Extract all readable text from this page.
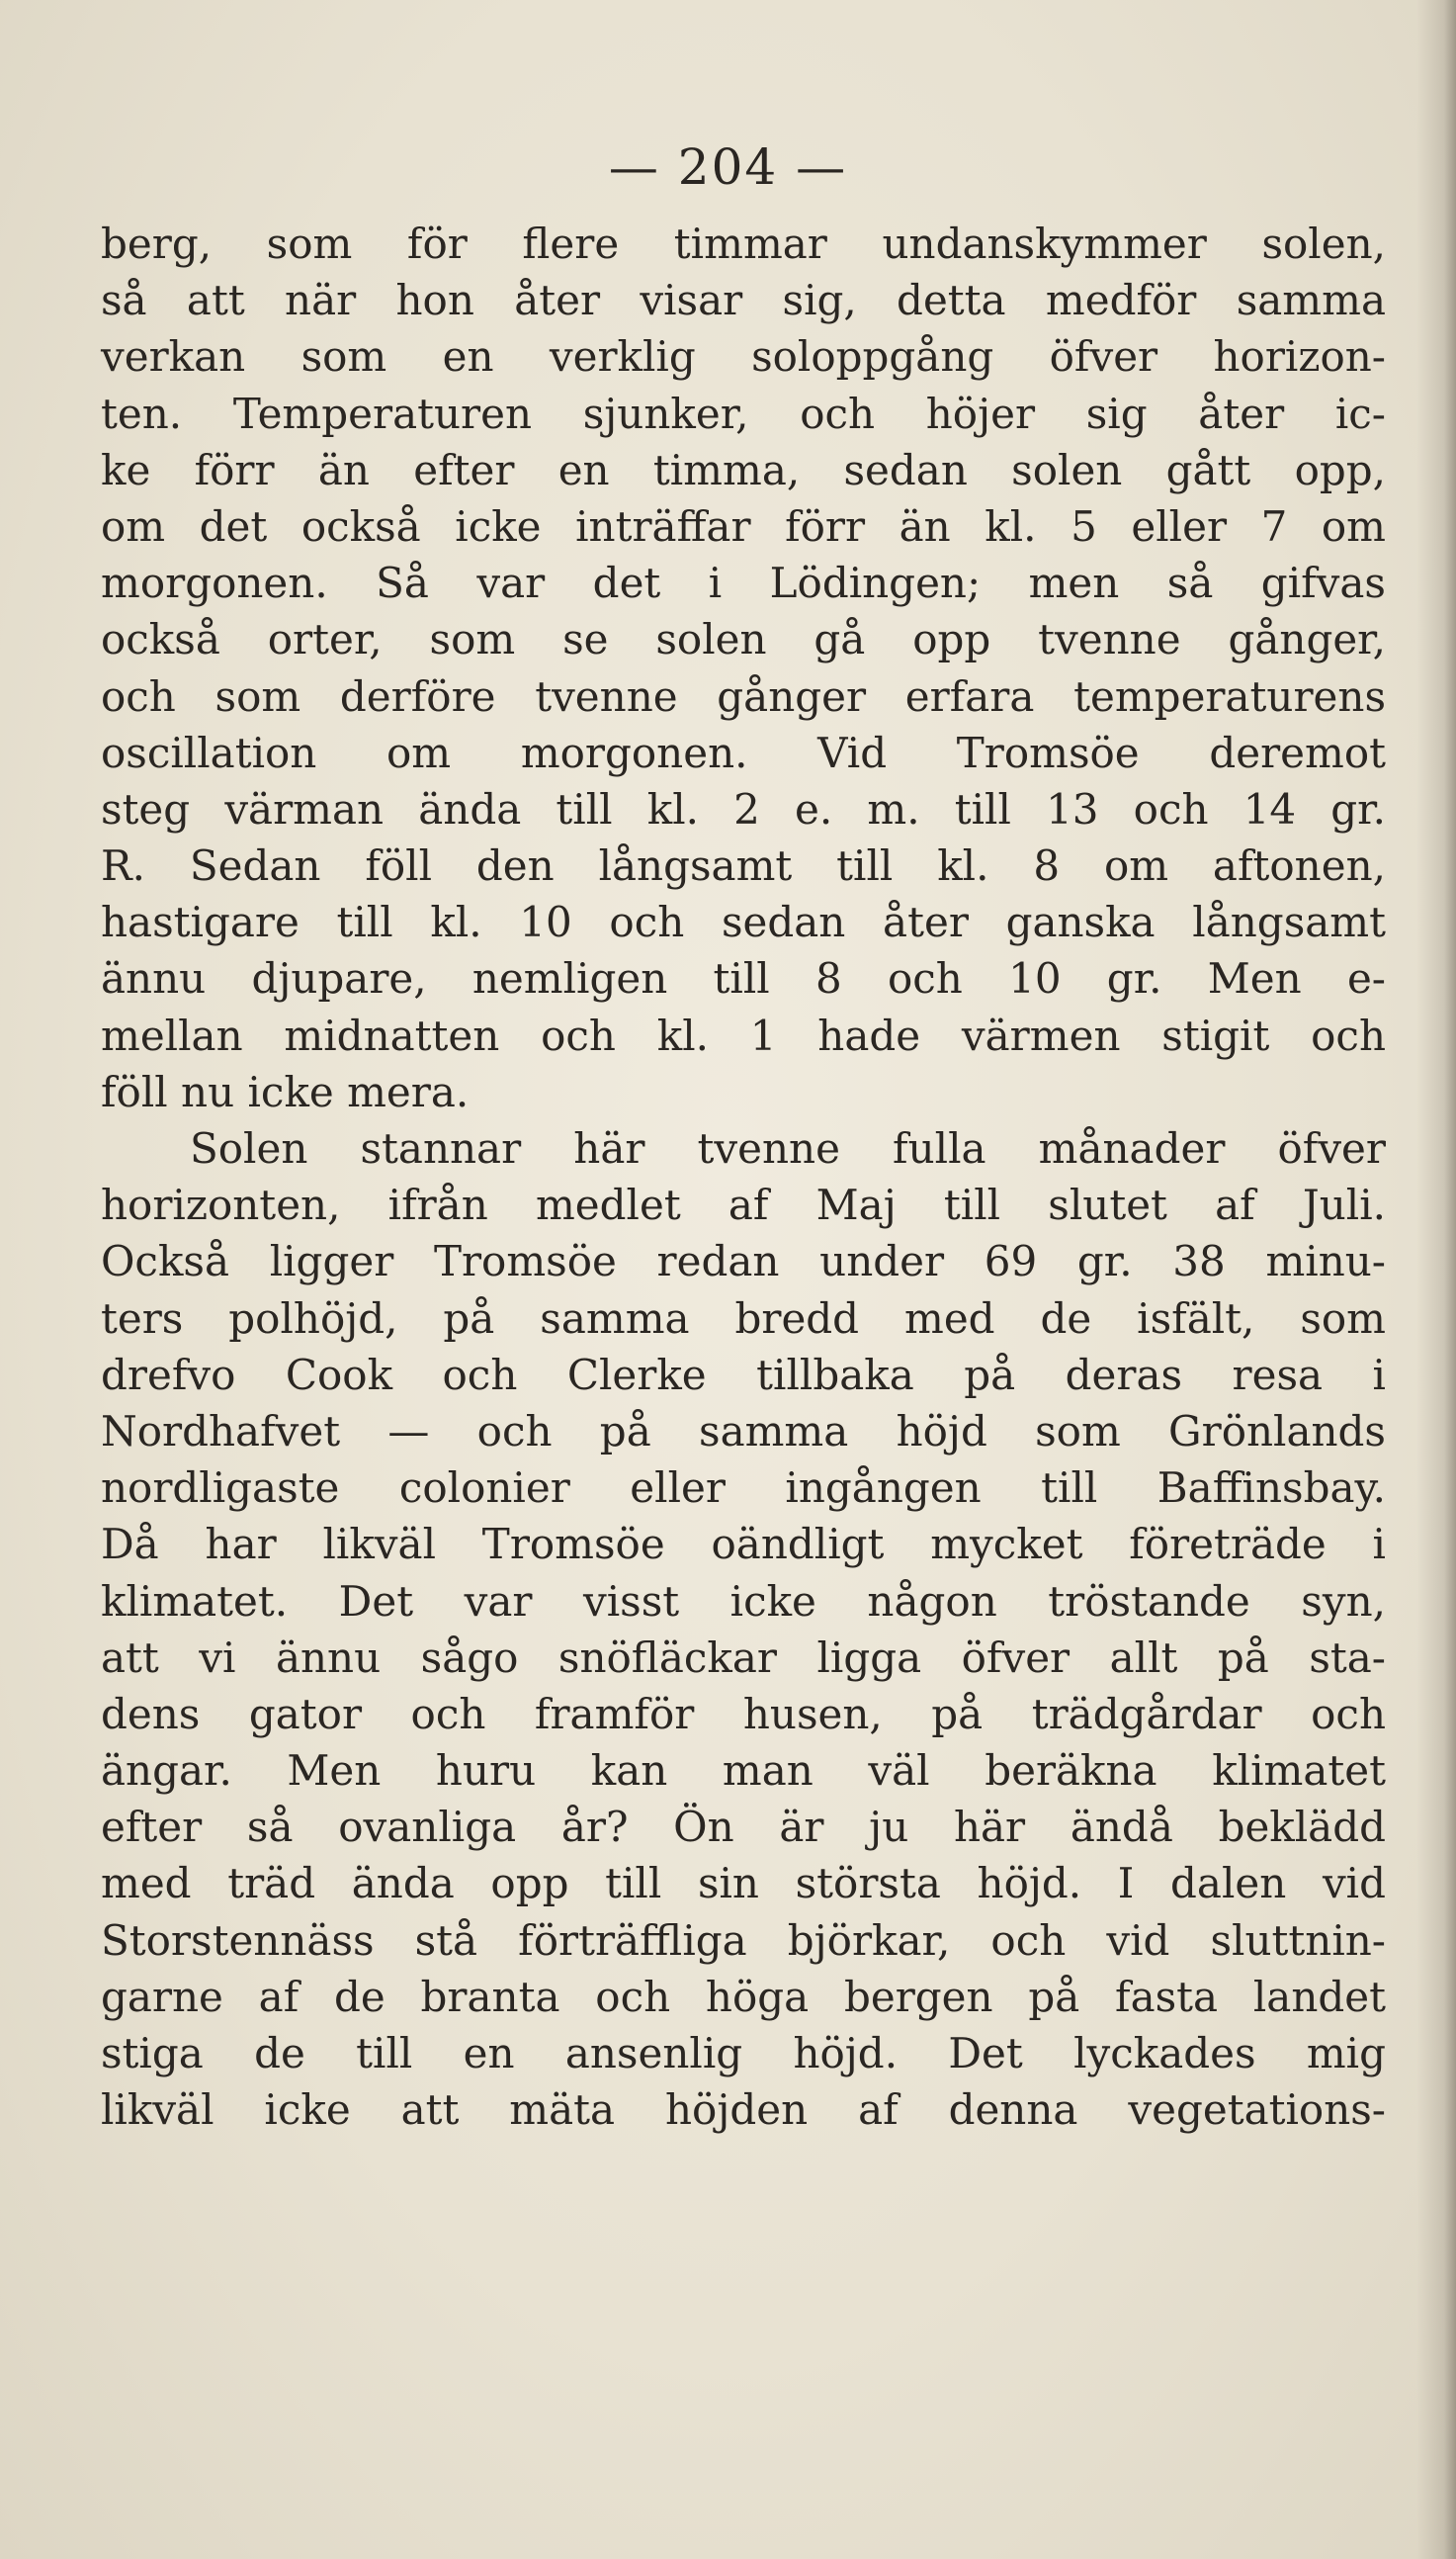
— 204 —
berg, som för flere timmar undanskymmer solen,
så att när hon åter visar sig, detta medför samma
verkan som en verklig soloppgång öfver horizon-
ten. Temperaturen sjunker, och höjer sig åter ic-
ke förr än efter en timma, sedan solen gått opp,
om det också icke inträffar förr än kl. 5 eller 7 om
morgonen. Så var det i Lödingen; men så gifvas
också orter, som se solen gå opp tvenne gånger,
och som derföre tvenne gånger erfara temperaturens
oscillation om morgonen. Vid Tromsöe deremot
steg värman ända till kl. 2 e. m. till 13 och 14 gr.
R. Sedan föll den långsamt till kl. 8 om aftonen,
hastigare till kl. 10 och sedan åter ganska långsamt
ännu djupare, nemligen till 8 och 10 gr. Men e-
mellan midnatten och kl. 1 hade värmen stigit och
föll nu icke mera.
Solen stannar här tvenne fulla månader öfver
horizonten, ifrån medlet af Maj till slutet af Juli.
Också ligger Tromsöe redan under 69 gr. 38 minu-
ters polhöjd, på samma bredd med de isfält, som
drefvo Cook och Clerke tillbaka på deras resa i
Nordhafvet — och på samma höjd som Grönlands
nordligaste colonier eller ingången till Baffinsbay.
Då har likväl Tromsöe oändligt mycket företräde i
klimatet. Det var visst icke någon tröstande syn,
att vi ännu sågo snöfläckar ligga öfver allt på sta-
dens gator och framför husen, på trädgårdar och
ängar. Men huru kan man väl beräkna klimatet
efter så ovanliga år? Ön är ju här ändå beklädd
med träd ända opp till sin största höjd. I dalen vid
Storstennäss stå förträffliga björkar, och vid sluttnin-
garne af de branta och höga bergen på fasta landet
stiga de till en ansenlig höjd. Det lyckades mig
likväl icke att mäta höjden af denna vegetations-
